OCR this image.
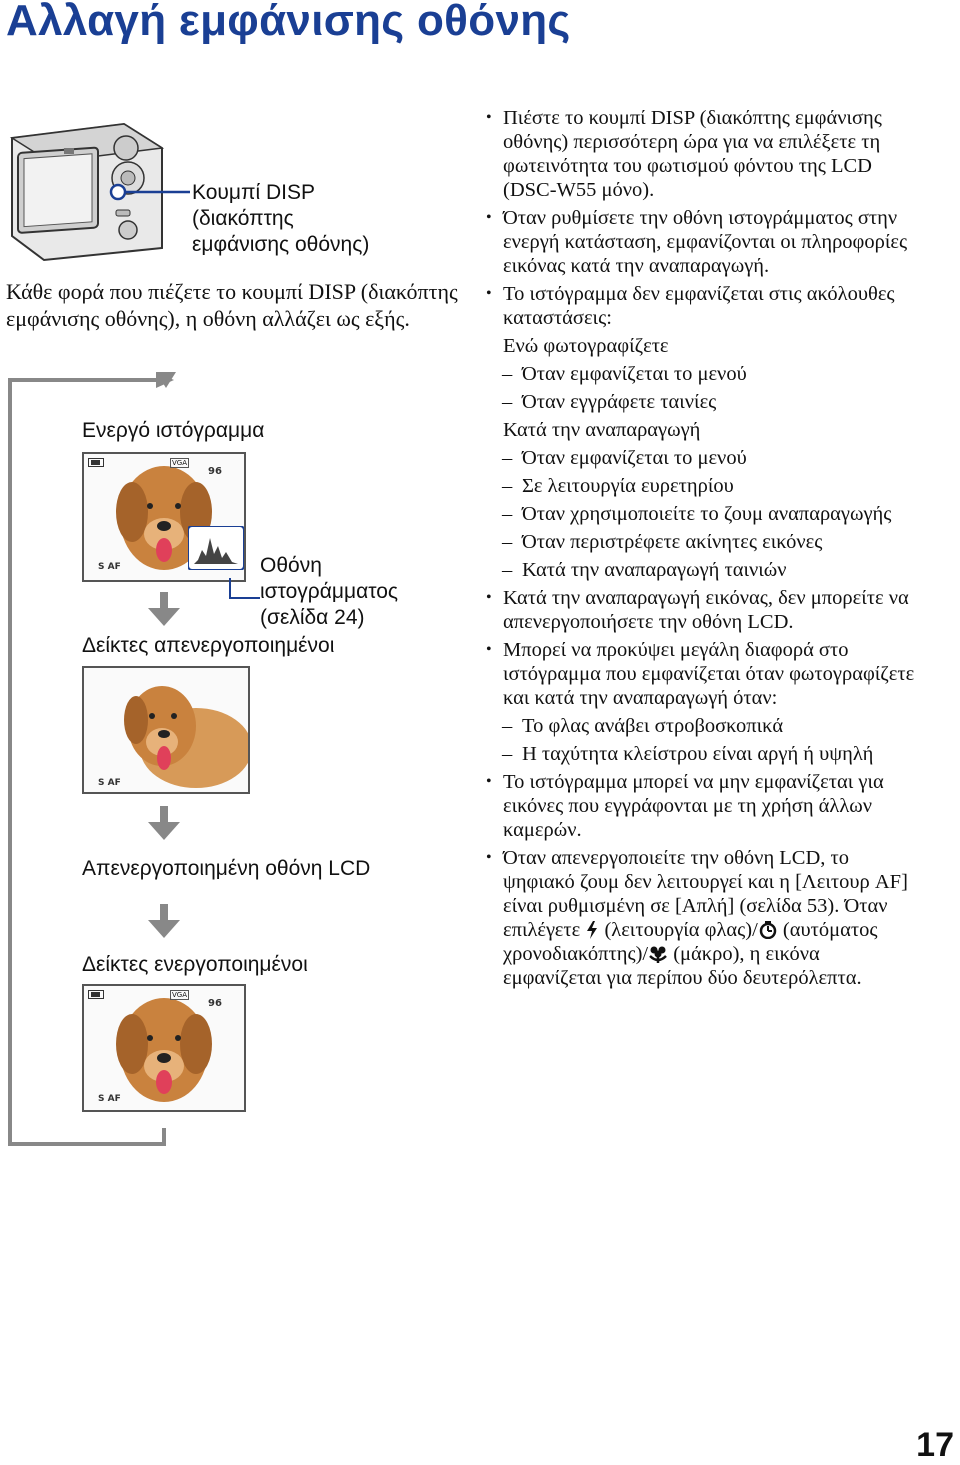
Αλλαγή εμφάνισης οθόνης
Κουμπί DISP
(διακόπτης
εμφάνισης οθόνης)
Κάθε φορά που πιέζετε το κουμπί DISP (διακόπτης εμφάνισης οθόνης), η οθόνη αλλάζει ως εξής.
Ενεργό ιστόγραμμα
VGA
96
S AF	Οθόνη
ιστογράμματος
(σελίδα 24)
Δείκτες απενεργοποιημένοι
S AF
Απενεργοποιημένη οθόνη LCD
Δείκτες ενεργοποιημένοι
VGA
96
S AF

• Πιέστε το κουμπί DISP (διακόπτης εμφάνισης οθόνης) περισσότερη ώρα για να επιλέξετε τη φωτεινότητα του φωτισμού φόντου της LCD (DSC-W55 μόνο).

• Όταν ρυθμίσετε την οθόνη ιστογράμματος στην ενεργή κατάσταση, εμφανίζονται οι πληροφορίες εικόνας κατά την αναπαραγωγή.

• Το ιστόγραμμα δεν εμφανίζεται στις ακόλουθες καταστάσεις:

Ενώ φωτογραφίζετε

– Όταν εμφανίζεται το μενού

– Όταν εγγράφετε ταινίες

Κατά την αναπαραγωγή

– Όταν εμφανίζεται το μενού

– Σε λειτουργία ευρετηρίου

– Όταν χρησιμοποιείτε το ζουμ αναπαραγωγής

– Όταν περιστρέφετε ακίνητες εικόνες

– Κατά την αναπαραγωγή ταινιών

• Κατά την αναπαραγωγή εικόνας, δεν μπορείτε να απενεργοποιήσετε την οθόνη LCD.

• Μπορεί να προκύψει μεγάλη διαφορά στο ιστόγραμμα που εμφανίζεται όταν φωτογραφίζετε και κατά την αναπαραγωγή όταν:

– Το φλας ανάβει στροβοσκοπικά

– Η ταχύτητα κλείστρου είναι αργή ή υψηλή

• Το ιστόγραμμα μπορεί να μην εμφανίζεται για εικόνες που εγγράφονται με τη χρήση άλλων καμερών.

• Όταν απενεργοποιείτε την οθόνη LCD, το ψηφιακό ζουμ δεν λειτουργεί και η [Λειτουρ AF] είναι ρυθμισμένη σε [Απλή] (σελίδα 53). Όταν επιλέγετε (λειτουργία φλας)/ (αυτόματος χρονοδιακόπτης)/ (μάκρο), η εικόνα εμφανίζεται για περίπου δύο δευτερόλεπτα.

17
